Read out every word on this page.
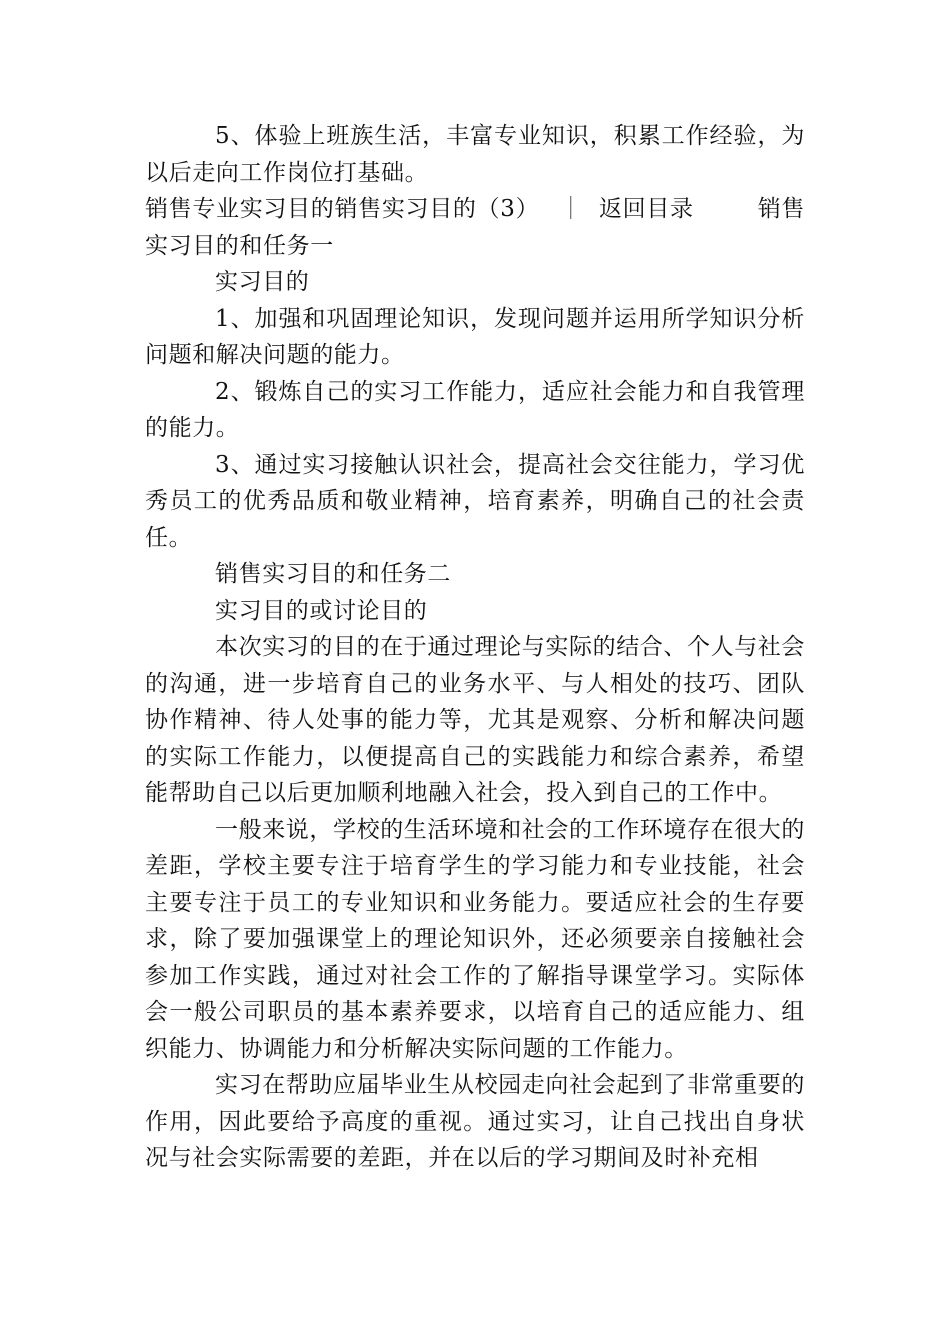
5、体验上班族生活，丰富专业知识，积累工作经验，为以后走向工作岗位打基础。

销售专业实习目的销售实习目的（3） ｜ 返回目录	销售实习目的和任务一

实习目的

1、加强和巩固理论知识，发现问题并运用所学知识分析问题和解决问题的能力。

2、锻炼自己的实习工作能力，适应社会能力和自我管理的能力。

3、通过实习接触认识社会，提高社会交往能力，学习优秀员工的优秀品质和敬业精神，培育素养，明确自己的社会责任。

销售实习目的和任务二

实习目的或讨论目的

本次实习的目的在于通过理论与实际的结合、个人与社会的沟通，进一步培育自己的业务水平、与人相处的技巧、团队协作精神、待人处事的能力等，尤其是观察、分析和解决问题的实际工作能力，以便提高自己的实践能力和综合素养，希望能帮助自己以后更加顺利地融入社会，投入到自己的工作中。

一般来说，学校的生活环境和社会的工作环境存在很大的差距，学校主要专注于培育学生的学习能力和专业技能，社会主要专注于员工的专业知识和业务能力。要适应社会的生存要求，除了要加强课堂上的理论知识外，还必须要亲自接触社会参加工作实践，通过对社会工作的了解指导课堂学习。实际体会一般公司职员的基本素养要求，以培育自己的适应能力、组织能力、协调能力和分析解决实际问题的工作能力。

实习在帮助应届毕业生从校园走向社会起到了非常重要的作用，因此要给予高度的重视。通过实习，让自己找出自身状况与社会实际需要的差距，并在以后的学习期间及时补充相
